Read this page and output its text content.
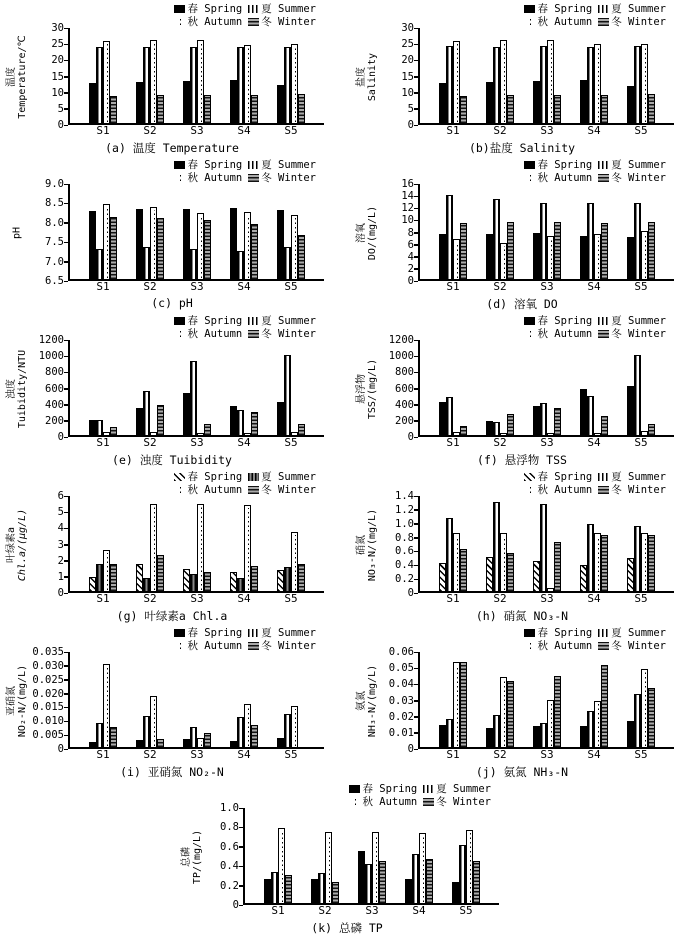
春 Spring 夏 Summer
秋 Autumn 冬 Winter
温度 Temperature/℃
0
5
10
15
20
25
30
S1	S2	S3	S4	S5
(a) 温度 Temperature
春 Spring 夏 Summer
秋 Autumn 冬 Winter
盐度 Salinity
0
5
10
15
20
25
30
S1	S2	S3	S4	S5
(b)盐度 Salinity
春 Spring 夏 Summer
秋 Autumn 冬 Winter
pH
6.5
7.0
7.5
8.0
8.5
9.0
S1	S2	S3	S4	S5
(c) pH
春 Spring 夏 Summer
秋 Autumn 冬 Winter
溶氧 DO/(mg/L)
0
2
4
6
8
10
12
14
16
S1	S2	S3	S4	S5
(d) 溶氧 DO
春 Spring 夏 Summer
秋 Autumn 冬 Winter
浊度 Tuibidity/NTU
0
200
400
600
800
1000
1200
S1	S2	S3	S4	S5
(e) 浊度 Tuibidity
春 Spring 夏 Summer
秋 Autumn 冬 Winter
悬浮物 TSS/(mg/L)
0
200
400
600
800
1000
1200
S1	S2	S3	S4	S5
(f) 悬浮物 TSS
春 Spring 夏 Summer
秋 Autumn 冬 Winter
叶绿素a Chl.a/(μg/L)
0
1
2
3
4
5
6
S1	S2	S3	S4	S5
(g) 叶绿素a Chl.a
春 Spring 夏 Summer
秋 Autumn 冬 Winter
硝氮 NO₃-N/(mg/L)
0
0.2
0.4
0.6
0.8
1.0
1.2
1.4
S1	S2	S3	S4	S5
(h) 硝氮 NO₃-N
春 Spring 夏 Summer
秋 Autumn 冬 Winter
亚硝氮 NO₂-N/(mg/L)
0
0.005
0.010
0.015
0.020
0.025
0.030
0.035
S1	S2	S3	S4	S5
(i) 亚硝氮 NO₂-N
春 Spring 夏 Summer
秋 Autumn 冬 Winter
氨氮 NH₃-N/(mg/L)
0
0.01
0.02
0.03
0.04
0.05
0.06
S1	S2	S3	S4	S5
(j) 氨氮 NH₃-N
春 Spring 夏 Summer
秋 Autumn 冬 Winter
总磷 TP/(mg/L)
0
0.2
0.4
0.6
0.8
1.0
S1	S2	S3	S4	S5
(k) 总磷 TP
